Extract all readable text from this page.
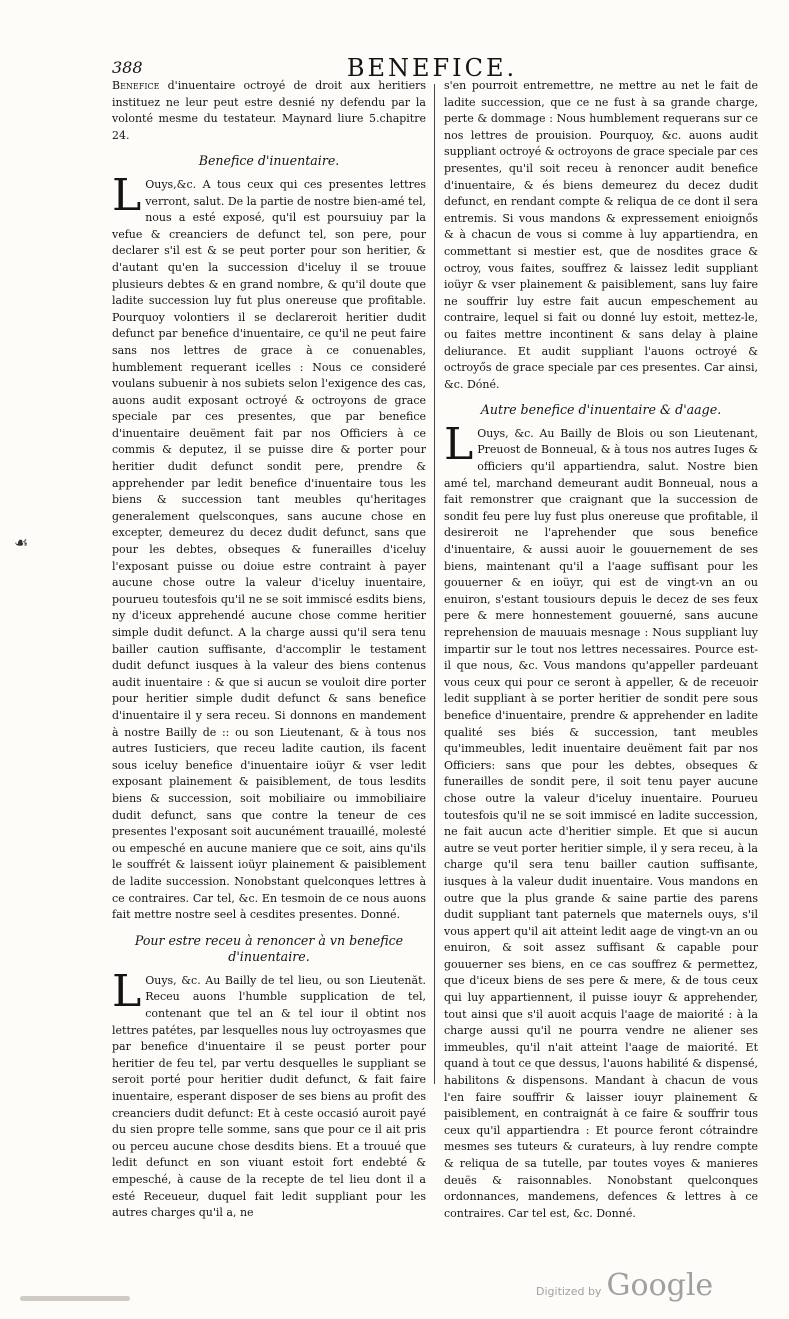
388	BENEFICE.
☙

Benefice d'inuentaire octroyé de droit aux heritiers instituez ne leur peut estre desnié ny defendu par la volonté mesme du testateur. Maynard liure 5.chapitre 24.

Benefice d'inuentaire.

L Ouys,&c. A tous ceux qui ces presentes lettres verront, salut. De la partie de nostre bien-amé tel, nous a esté exposé, qu'il est poursuiuy par la vefue & creanciers de defunct tel, son pere, pour declarer s'il est & se peut porter pour son heritier, & d'autant qu'en la succession d'iceluy il se trouue plusieurs debtes & en grand nombre, & qu'il doute que ladite succession luy fut plus onereuse que profitable. Pourquoy volontiers il se declareroit heritier dudit defunct par benefice d'inuentaire, ce qu'il ne peut faire sans nos lettres de grace à ce conuenables, humblement requerant icelles : Nous ce consideré voulans subuenir à nos subiets selon l'exigence des cas, auons audit exposant octroyé & octroyons de grace speciale par ces presentes, que par benefice d'inuentaire deuëment fait par nos Officiers à ce commis & deputez, il se puisse dire & porter pour heritier dudit defunct sondit pere, prendre & apprehender par ledit benefice d'inuentaire tous les biens & succession tant meubles qu'heritages generalement quelsconques, sans aucune chose en excepter, demeurez du decez dudit defunct, sans que pour les debtes, obseques & funerailles d'iceluy l'exposant puisse ou doiue estre contraint à payer aucune chose outre la valeur d'iceluy inuentaire, pourueu toutesfois qu'il ne se soit immiscé esdits biens, ny d'iceux apprehendé aucune chose comme heritier simple dudit defunct. A la charge aussi qu'il sera tenu bailler caution suffisante, d'accomplir le testament dudit defunct iusques à la valeur des biens contenus audit inuentaire : & que si aucun se vouloit dire porter pour heritier simple dudit defunct & sans benefice d'inuentaire il y sera receu. Si donnons en mandement à nostre Bailly de :: ou son Lieutenant, & à tous nos autres Iusticiers, que receu ladite caution, ils facent sous iceluy benefice d'inuentaire ioüyr & vser ledit exposant plainement & paisiblement, de tous lesdits biens & succession, soit mobiliaire ou immobiliaire dudit defunct, sans que contre la teneur de ces presentes l'exposant soit aucunément trauaillé, molesté ou empesché en aucune maniere que ce soit, ains qu'ils le souffrét & laissent ioüyr plainement & paisiblement de ladite succession. Nonobstant quelconques lettres à ce contraires. Car tel, &c. En tesmoin de ce nous auons fait mettre nostre seel à cesdites presentes. Donné.

Pour estre receu à renoncer à vn benefice d'inuentaire.

L Ouys, &c. Au Bailly de tel lieu, ou son Lieutenăt. Receu auons l'humble supplication de tel, contenant que tel an & tel iour il obtint nos lettres patétes, par lesquelles nous luy octroyasmes que par benefice d'inuentaire il se peust porter pour heritier de feu tel, par vertu desquelles le suppliant se seroit porté pour heritier dudit defunct, & fait faire inuentaire, esperant disposer de ses biens au profit des creanciers dudit defunct: Et à ceste occasió auroit payé du sien propre telle somme, sans que pour ce il ait pris ou perceu aucune chose desdits biens. Et a trouué que ledit defunct en son viuant estoit fort endebté & empesché, à cause de la recepte de tel lieu dont il a esté Receueur, duquel fait ledit suppliant pour les autres charges qu'il a, ne

s'en pourroit entremettre, ne mettre au net le fait de ladite succession, que ce ne fust à sa grande charge, perte & dommage : Nous humblement requerans sur ce nos lettres de prouision. Pourquoy, &c. auons audit suppliant octroyé & octroyons de grace speciale par ces presentes, qu'il soit receu à renoncer audit benefice d'inuentaire, & és biens demeurez du decez dudit defunct, en rendant compte & reliqua de ce dont il sera entremis. Si vous mandons & expressement enioignős & à chacun de vous si comme à luy appartiendra, en commettant si mestier est, que de nosdites grace & octroy, vous faites, souffrez & laissez ledit suppliant ioüyr & vser plainement & paisiblement, sans luy faire ne souffrir luy estre fait aucun empeschement au contraire, lequel si fait ou donné luy estoit, mettez-le, ou faites mettre incontinent & sans delay à plaine deliurance. Et audit suppliant l'auons octroyé & octroyős de grace speciale par ces presentes. Car ainsi, &c. Dóné.

Autre benefice d'inuentaire & d'aage.

L Ouys, &c. Au Bailly de Blois ou son Lieutenant, Preuost de Bonneual, & à tous nos autres Iuges & officiers qu'il appartiendra, salut. Nostre bien amé tel, marchand demeurant audit Bonneual, nous a fait remonstrer que craignant que la succession de sondit feu pere luy fust plus onereuse que profitable, il desireroit ne l'aprehender que sous benefice d'inuentaire, & aussi auoir le gouuernement de ses biens, maintenant qu'il a l'aage suffisant pour les gouuerner & en ioüyr, qui est de vingt-vn an ou enuiron, s'estant tousiours depuis le decez de ses feux pere & mere honnestement gouuerné, sans aucune reprehension de mauuais mesnage : Nous suppliant luy impartir sur le tout nos lettres necessaires. Pource est-il que nous, &c. Vous mandons qu'appeller pardeuant vous ceux qui pour ce seront à appeller, & de receuoir ledit suppliant à se porter heritier de sondit pere sous benefice d'inuentaire, prendre & apprehender en ladite qualité ses biés & succession, tant meubles qu'immeubles, ledit inuentaire deuëment fait par nos Officiers: sans que pour les debtes, obseques & funerailles de sondit pere, il soit tenu payer aucune chose outre la valeur d'iceluy inuentaire. Pourueu toutesfois qu'il ne se soit immiscé en ladite succession, ne fait aucun acte d'heritier simple. Et que si aucun autre se veut porter heritier simple, il y sera receu, à la charge qu'il sera tenu bailler caution suffisante, iusques à la valeur dudit inuentaire. Vous mandons en outre que la plus grande & saine partie des parens dudit suppliant tant paternels que maternels ouys, s'il vous appert qu'il ait atteint ledit aage de vingt-vn an ou enuiron, & soit assez suffisant & capable pour gouuerner ses biens, en ce cas souffrez & permettez, que d'iceux biens de ses pere & mere, & de tous ceux qui luy appartiennent, il puisse iouyr & apprehender, tout ainsi que s'il auoit acquis l'aage de maiorité : à la charge aussi qu'il ne pourra vendre ne aliener ses immeubles, qu'il n'ait atteint l'aage de maiorité. Et quand à tout ce que dessus, l'auons habilité & dispensé, habilitons & dispensons. Mandant à chacun de vous l'en faire souffrir & laisser iouyr plainement & paisiblement, en contraignát à ce faire & souffrir tous ceux qu'il appartiendra : Et pource feront cótraindre mesmes ses tuteurs & curateurs, à luy rendre compte & reliqua de sa tutelle, par toutes voyes & manieres deuës & raisonnables. Nonobstant quelconques ordonnances, mandemens, defences & lettres à ce contraires. Car tel est, &c. Donné.

Digitized by Google
